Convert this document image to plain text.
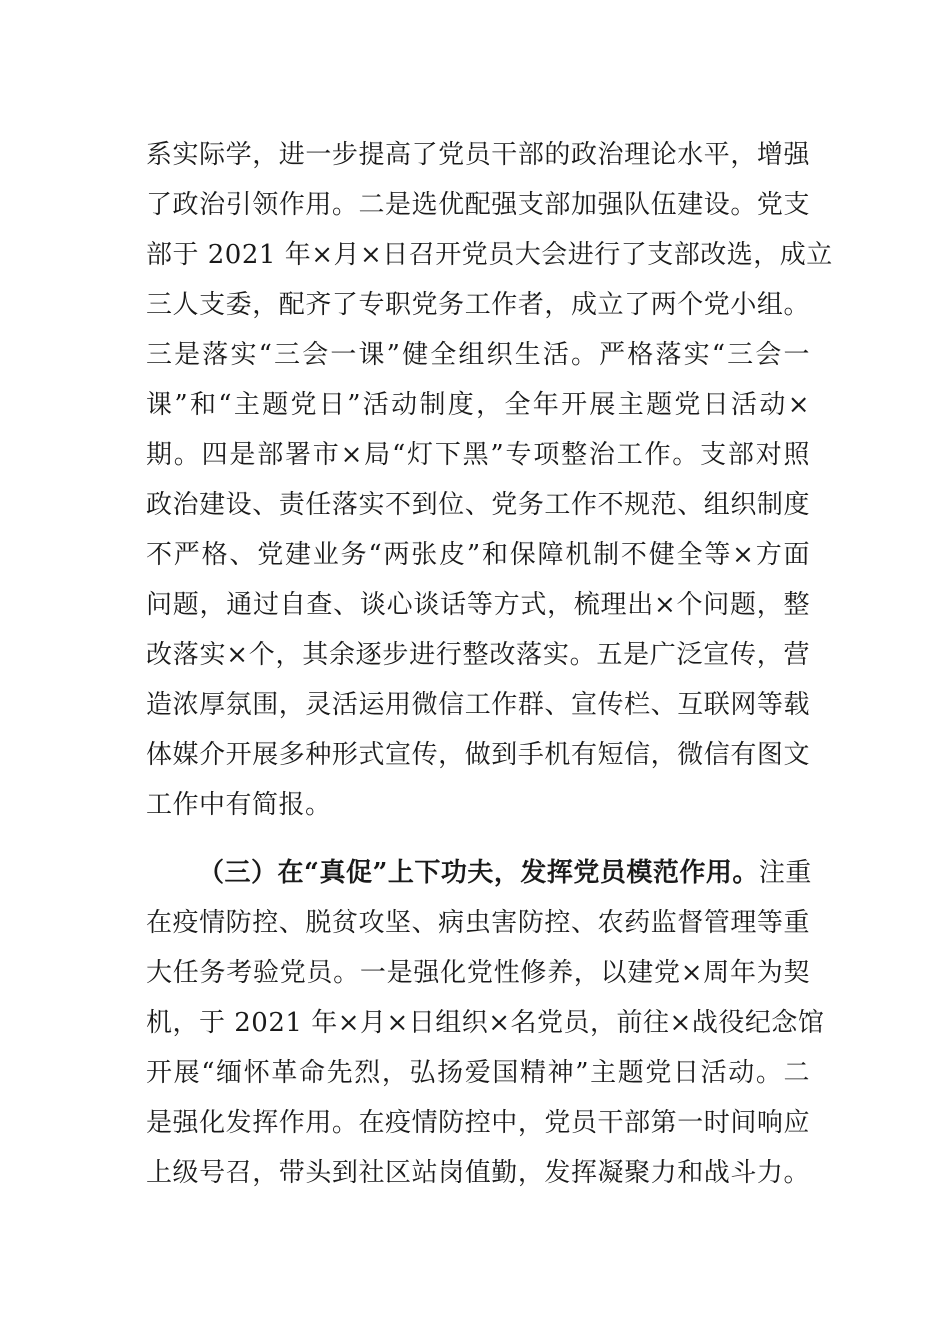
系实际学，进一步提高了党员干部的政治理论水平，增强
了政治引领作用。二是选优配强支部加强队伍建设。党支
部于 2021 年×月×日召开党员大会进行了支部改选，成立
三人支委，配齐了专职党务工作者，成立了两个党小组。
三是落实“三会一课”健全组织生活。严格落实“三会一
课”和“主题党日”活动制度，全年开展主题党日活动×
期。四是部署市×局“灯下黑”专项整治工作。支部对照
政治建设、责任落实不到位、党务工作不规范、组织制度
不严格、党建业务“两张皮”和保障机制不健全等×方面
问题，通过自查、谈心谈话等方式，梳理出×个问题，整
改落实×个，其余逐步进行整改落实。五是广泛宣传，营
造浓厚氛围，灵活运用微信工作群、宣传栏、互联网等载
体媒介开展多种形式宣传，做到手机有短信，微信有图文
工作中有简报。
（三）在“真促”上下功夫，发挥党员模范作用。注重
在疫情防控、脱贫攻坚、病虫害防控、农药监督管理等重
大任务考验党员。一是强化党性修养，以建党×周年为契
机，于 2021 年×月×日组织×名党员，前往×战役纪念馆
开展“缅怀革命先烈，弘扬爱国精神”主题党日活动。二
是强化发挥作用。在疫情防控中，党员干部第一时间响应
上级号召，带头到社区站岗值勤，发挥凝聚力和战斗力。
